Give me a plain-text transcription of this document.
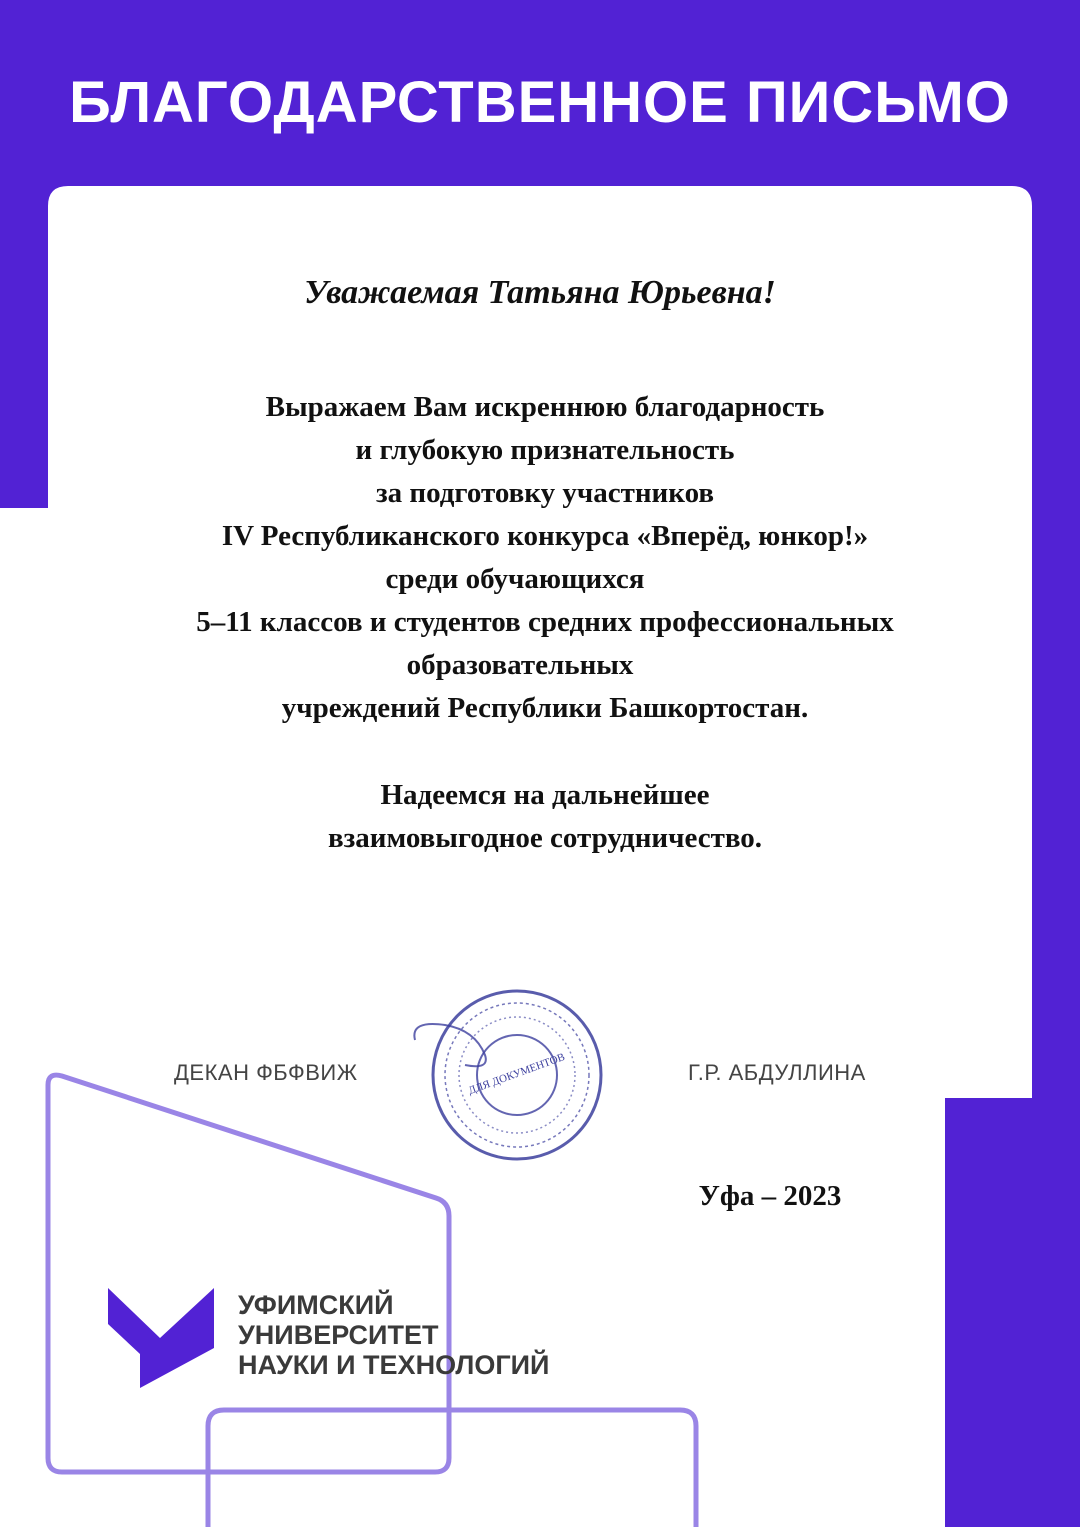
БЛАГОДАРСТВЕННОЕ ПИСЬМО
Уважаемая Татьяна Юрьевна!
Выражаем Вам искреннюю благодарность
и глубокую признательность
за подготовку участников
IV Республиканского конкурса «Вперёд, юнкор!»
среди обучающихся
5–11 классов и студентов средних профессиональных
образовательных
учреждений Республики Башкортостан.
Надеемся на дальнейшее
взаимовыгодное сотрудничество.
ДЕКАН ФБФВИЖ	Г.Р. АБДУЛЛИНА
ДЛЯ ДОКУМЕНТОВ
Уфа – 2023
УФИМСКИЙ
УНИВЕРСИТЕТ
НАУКИ И ТЕХНОЛОГИЙ
